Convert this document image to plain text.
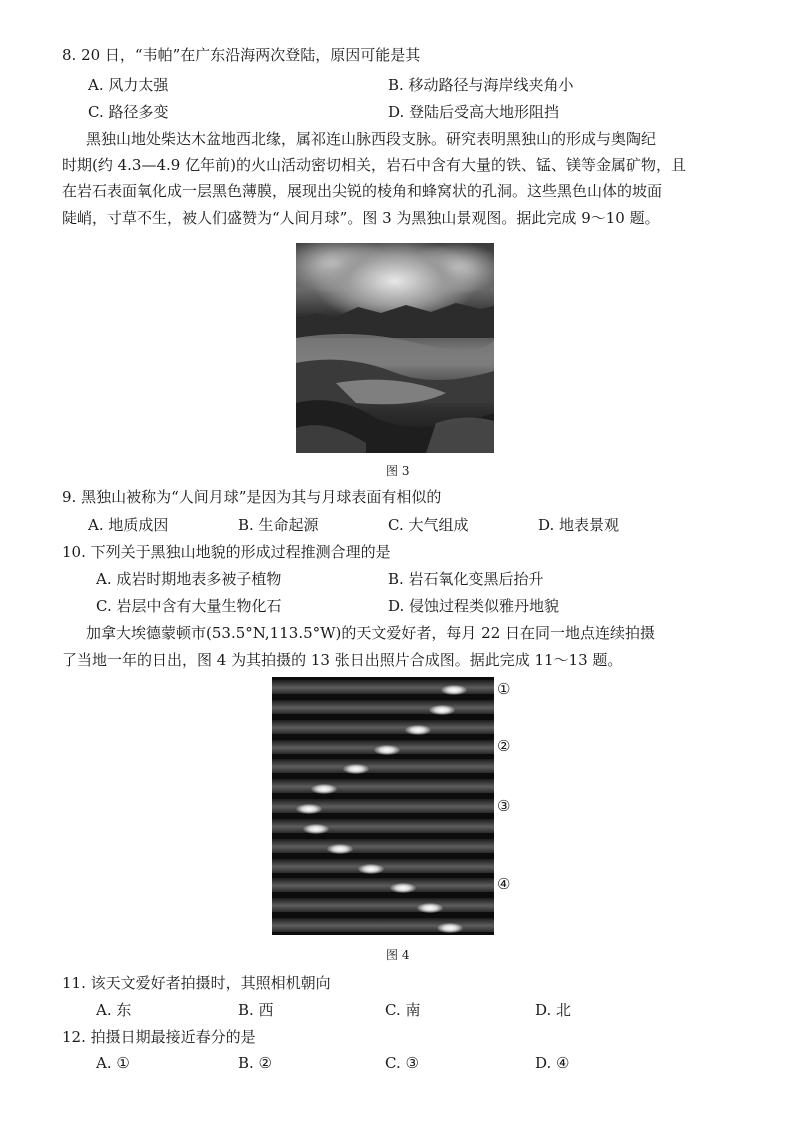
8. 20 日，“韦帕”在广东沿海两次登陆，原因可能是其
A. 风力太强	B. 移动路径与海岸线夹角小
C. 路径多变	D. 登陆后受高大地形阻挡
黑独山地处柴达木盆地西北缘，属祁连山脉西段支脉。研究表明黑独山的形成与奥陶纪
时期(约 4.3—4.9 亿年前)的火山活动密切相关，岩石中含有大量的铁、锰、镁等金属矿物，且
在岩石表面氧化成一层黑色薄膜，展现出尖锐的棱角和蜂窝状的孔洞。这些黑色山体的坡面
陡峭，寸草不生，被人们盛赞为“人间月球”。图 3 为黑独山景观图。据此完成 9～10 题。
图 3
9. 黑独山被称为“人间月球”是因为其与月球表面有相似的
A. 地质成因	B. 生命起源	C. 大气组成	D. 地表景观
10. 下列关于黑独山地貌的形成过程推测合理的是
A. 成岩时期地表多被子植物	B. 岩石氧化变黑后抬升
C. 岩层中含有大量生物化石	D. 侵蚀过程类似雅丹地貌
加拿大埃德蒙顿市(53.5°N,113.5°W)的天文爱好者，每月 22 日在同一地点连续拍摄
了当地一年的日出，图 4 为其拍摄的 13 张日出照片合成图。据此完成 11～13 题。
①
②
③
④
图 4
11. 该天文爱好者拍摄时，其照相机朝向
A. 东	B. 西	C. 南	D. 北
12. 拍摄日期最接近春分的是
A. ①	B. ②	C. ③	D. ④
